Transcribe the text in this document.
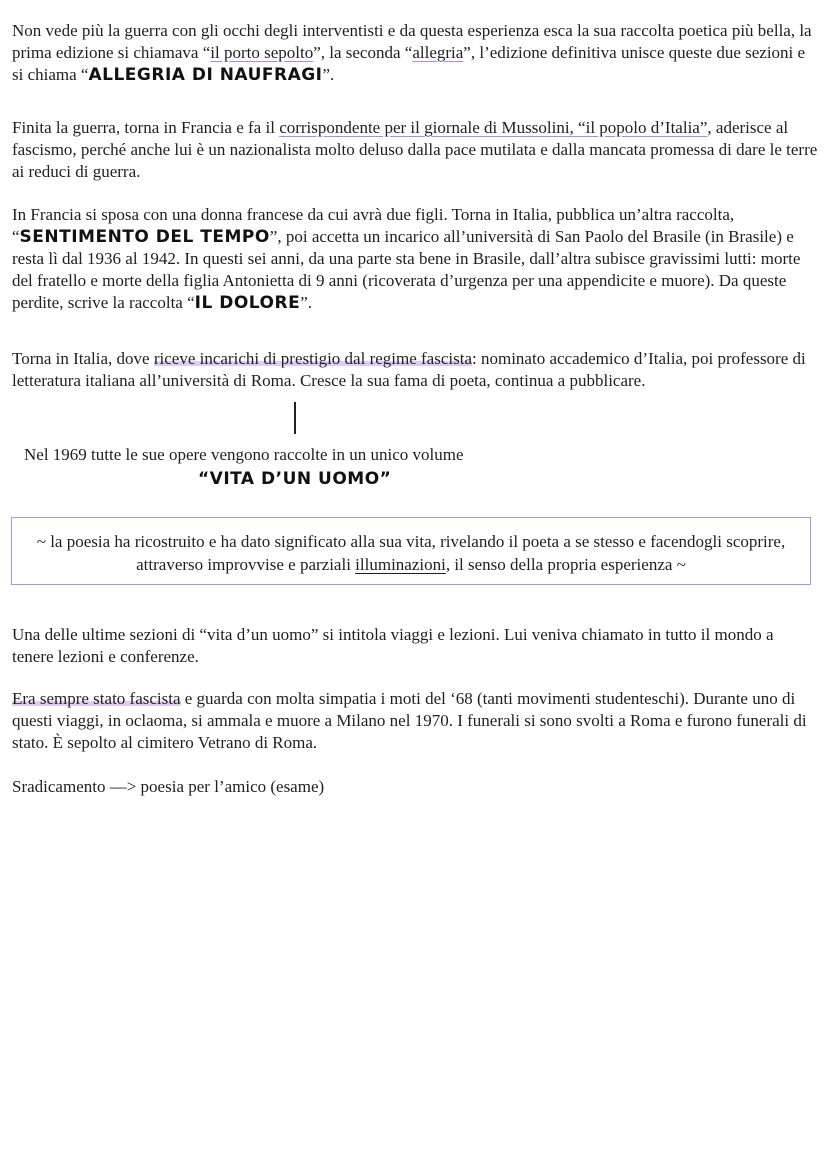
Non vede più la guerra con gli occhi degli interventisti e da questa esperienza esca la sua raccolta poetica più bella, la prima edizione si chiamava “il porto sepolto”, la seconda “allegria”, l’edizione definitiva unisce queste due sezioni e si chiama “ALLEGRIA DI NAUFRAGI”.

Finita la guerra, torna in Francia e fa il corrispondente per il giornale di Mussolini, “il popolo d’Italia”, aderisce al fascismo, perché anche lui è un nazionalista molto deluso dalla pace mutilata e dalla mancata promessa di dare le terre ai reduci di guerra.

In Francia si sposa con una donna francese da cui avrà due figli. Torna in Italia, pubblica un’altra raccolta, “SENTIMENTO DEL TEMPO”, poi accetta un incarico all’università di San Paolo del Brasile (in Brasile) e resta lì dal 1936 al 1942. In questi sei anni, da una parte sta bene in Brasile, dall’altra subisce gravissimi lutti: morte del fratello e morte della figlia Antonietta di 9 anni (ricoverata d’urgenza per una appendicite e muore). Da queste perdite, scrive la raccolta “IL DOLORE”.

Torna in Italia, dove riceve incarichi di prestigio dal regime fascista: nominato accademico d’Italia, poi professore di letteratura italiana all’università di Roma. Cresce la sua fama di poeta, continua a pubblicare.

Nel 1969 tutte le sue opere vengono raccolte in un unico volume

“VITA D’UN UOMO”

~ la poesia ha ricostruito e ha dato significato alla sua vita, rivelando il poeta a se stesso e facendogli scoprire, attraverso improvvise e parziali illuminazioni, il senso della propria esperienza ~

Una delle ultime sezioni di “vita d’un uomo” si intitola viaggi e lezioni. Lui veniva chiamato in tutto il mondo a tenere lezioni e conferenze.

Era sempre stato fascista e guarda con molta simpatia i moti del ‘68 (tanti movimenti studenteschi). Durante uno di questi viaggi, in oclaoma, si ammala e muore a Milano nel 1970. I funerali si sono svolti a Roma e furono funerali di stato. È sepolto al cimitero Vetrano di Roma.

Sradicamento —> poesia per l’amico (esame)
